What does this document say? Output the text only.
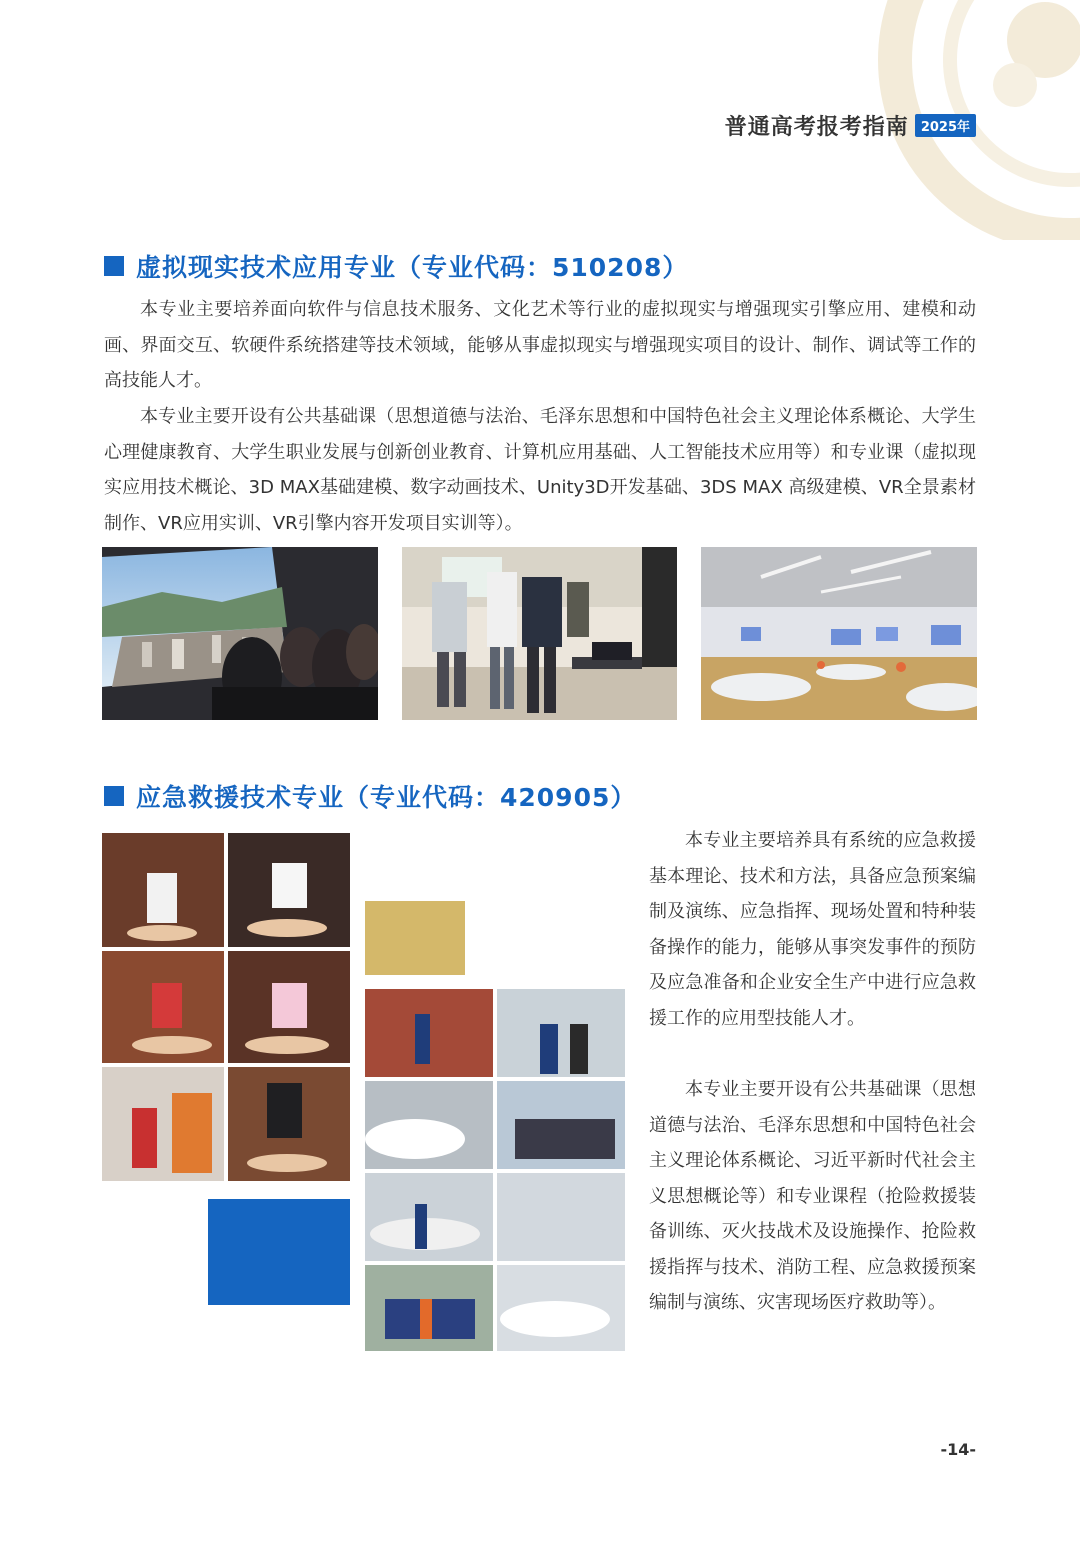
普通高考报考指南 2025年
虚拟现实技术应用专业（专业代码：510208）

本专业主要培养面向软件与信息技术服务、文化艺术等行业的虚拟现实与增强现实引擎应用、建模和动画、界面交互、软硬件系统搭建等技术领域，能够从事虚拟现实与增强现实项目的设计、制作、调试等工作的高技能人才。

本专业主要开设有公共基础课（思想道德与法治、毛泽东思想和中国特色社会主义理论体系概论、大学生心理健康教育、大学生职业发展与创新创业教育、计算机应用基础、人工智能技术应用等）和专业课（虚拟现实应用技术概论、3D MAX基础建模、数字动画技术、Unity3D开发基础、3DS MAX 高级建模、VR全景素材制作、VR应用实训、VR引擎内容开发项目实训等）。

应急救援技术专业（专业代码：420905）

本专业主要培养具有系统的应急救援基本理论、技术和方法，具备应急预案编制及演练、应急指挥、现场处置和特种装备操作的能力，能够从事突发事件的预防及应急准备和企业安全生产中进行应急救援工作的应用型技能人才。

本专业主要开设有公共基础课（思想道德与法治、毛泽东思想和中国特色社会主义理论体系概论、习近平新时代社会主义思想概论等）和专业课程（抢险救援装备训练、灭火技战术及设施操作、抢险救援指挥与技术、消防工程、应急救援预案编制与演练、灾害现场医疗救助等）。

-14-
